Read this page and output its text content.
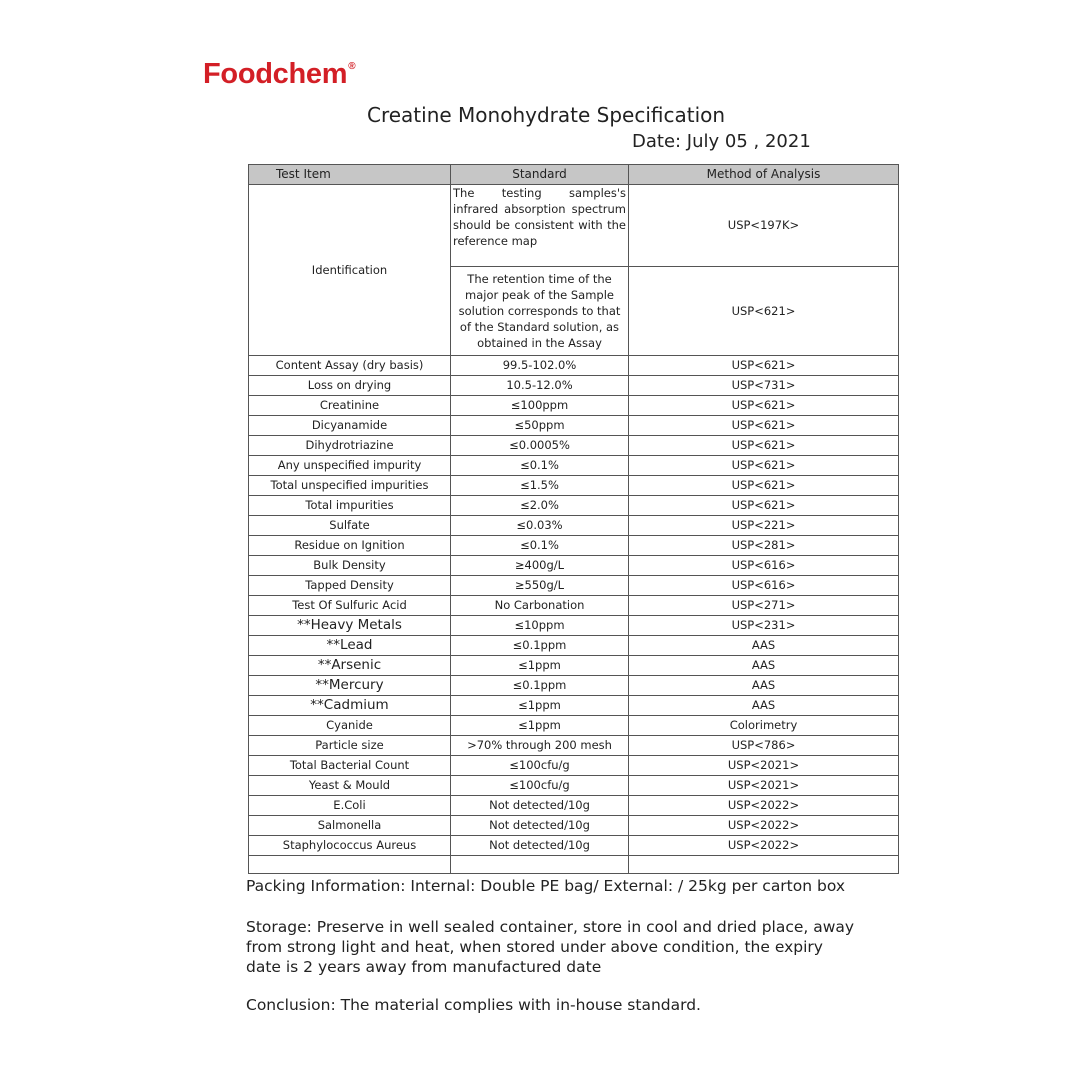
Foodchem®
Creatine Monohydrate Specification
Date: July 05 , 2021
Test Item	Standard	Method of Analysis
Identification	The testing samples's infrared absorption spectrum should be consistent with the reference map	USP<197K>
	The retention time of the major peak of the Sample solution corresponds to that of the Standard solution, as obtained in the Assay	USP<621>
Content Assay (dry basis)	99.5-102.0%	USP<621>
Loss on drying	10.5-12.0%	USP<731>
Creatinine	≤100ppm	USP<621>
Dicyanamide	≤50ppm	USP<621>
Dihydrotriazine	≤0.0005%	USP<621>
Any unspecified impurity	≤0.1%	USP<621>
Total unspecified impurities	≤1.5%	USP<621>
Total impurities	≤2.0%	USP<621>
Sulfate	≤0.03%	USP<221>
Residue on Ignition	≤0.1%	USP<281>
Bulk Density	≥400g/L	USP<616>
Tapped Density	≥550g/L	USP<616>
Test Of Sulfuric Acid	No Carbonation	USP<271>
**Heavy Metals	≤10ppm	USP<231>
**Lead	≤0.1ppm	AAS
**Arsenic	≤1ppm	AAS
**Mercury	≤0.1ppm	AAS
**Cadmium	≤1ppm	AAS
Cyanide	≤1ppm	Colorimetry
Particle size	>70% through 200 mesh	USP<786>
Total Bacterial Count	≤100cfu/g	USP<2021>
Yeast & Mould	≤100cfu/g	USP<2021>
E.Coli	Not detected/10g	USP<2022>
Salmonella	Not detected/10g	USP<2022>
Staphylococcus Aureus	Not detected/10g	USP<2022>

Packing Information: Internal: Double PE bag/ External: / 25kg per carton box
Storage: Preserve in well sealed container, store in cool and dried place, away from strong light and heat, when stored under above condition, the expiry date is 2 years away from manufactured date
Conclusion: The material complies with in-house standard.
